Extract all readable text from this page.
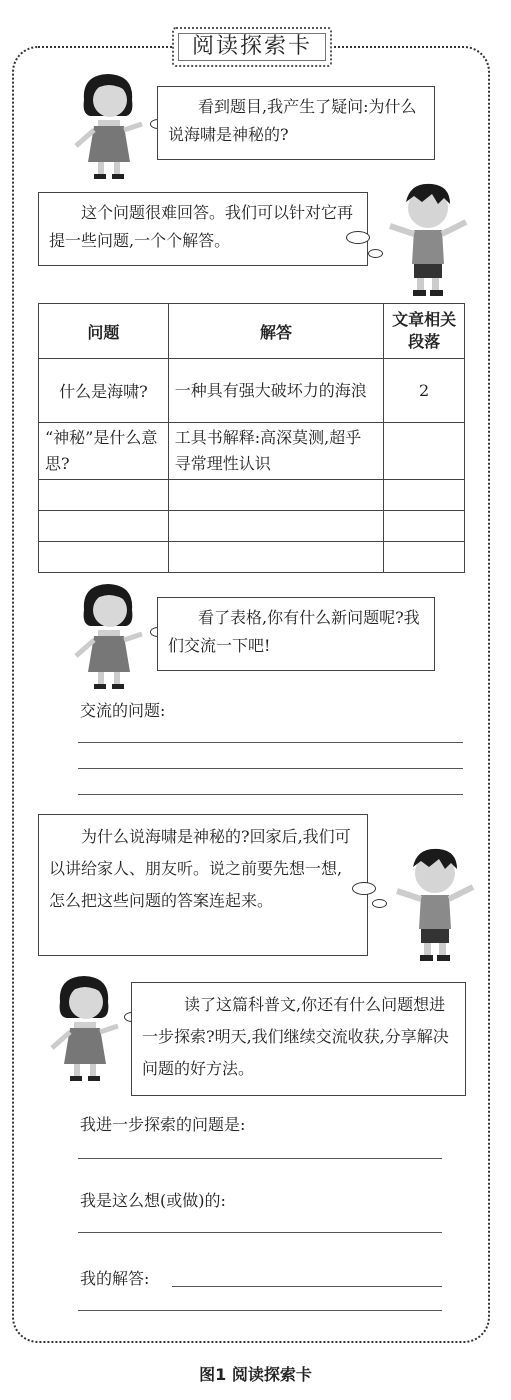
阅读探索卡

看到题目,我产生了疑问:为什么说海啸是神秘的?

这个问题很难回答。我们可以针对它再提一些问题,一个个解答。

问题	解答	文章相关段落
什么是海啸?	一种具有强大破坏力的海浪	2
“神秘”是什么意思?	工具书解释:高深莫测,超乎寻常理性认识	

看了表格,你有什么新问题呢?我们交流一下吧!

交流的问题:

为什么说海啸是神秘的?回家后,我们可以讲给家人、朋友听。说之前要先想一想,怎么把这些问题的答案连起来。

读了这篇科普文,你还有什么问题想进一步探索?明天,我们继续交流收获,分享解决问题的好方法。

我进一步探索的问题是:
我是这么想(或做)的:
我的解答:
图1 阅读探索卡
